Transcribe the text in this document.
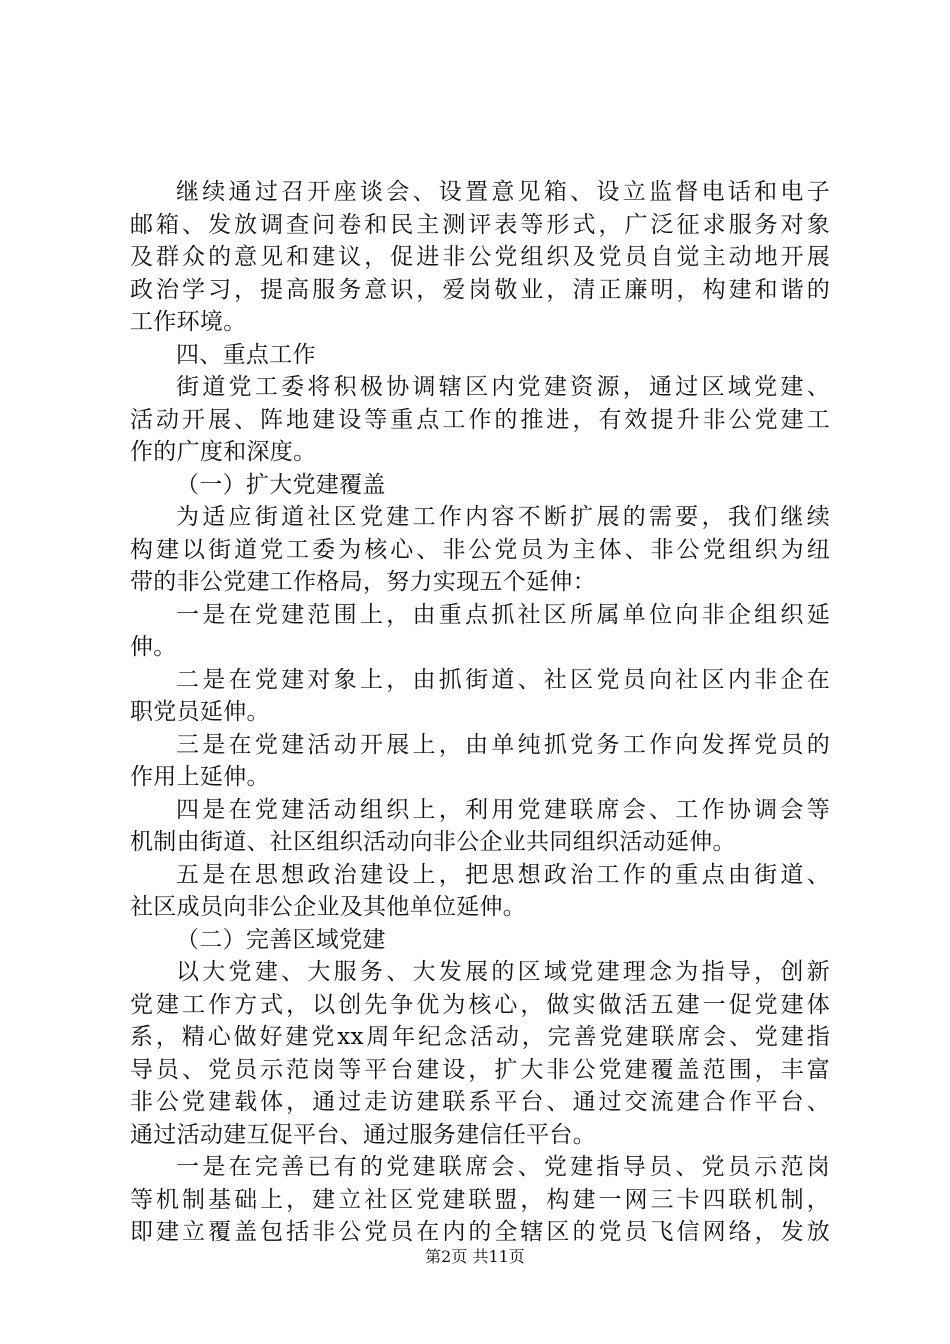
继续通过召开座谈会、设置意见箱、设立监督电话和电子
邮箱、发放调查问卷和民主测评表等形式，广泛征求服务对象
及群众的意见和建议，促进非公党组织及党员自觉主动地开展
政治学习，提高服务意识，爱岗敬业，清正廉明，构建和谐的
工作环境。
四、重点工作
街道党工委将积极协调辖区内党建资源，通过区域党建、
活动开展、阵地建设等重点工作的推进，有效提升非公党建工
作的广度和深度。
（一）扩大党建覆盖
为适应街道社区党建工作内容不断扩展的需要，我们继续
构建以街道党工委为核心、非公党员为主体、非公党组织为纽
带的非公党建工作格局，努力实现五个延伸：
一是在党建范围上，由重点抓社区所属单位向非企组织延
伸。
二是在党建对象上，由抓街道、社区党员向社区内非企在
职党员延伸。
三是在党建活动开展上，由单纯抓党务工作向发挥党员的
作用上延伸。
四是在党建活动组织上，利用党建联席会、工作协调会等
机制由街道、社区组织活动向非公企业共同组织活动延伸。
五是在思想政治建设上，把思想政治工作的重点由街道、
社区成员向非公企业及其他单位延伸。
（二）完善区域党建
以大党建、大服务、大发展的区域党建理念为指导，创新
党建工作方式，以创先争优为核心，做实做活五建一促党建体
系，精心做好建党xx周年纪念活动，完善党建联席会、党建指
导员、党员示范岗等平台建设，扩大非公党建覆盖范围，丰富
非公党建载体，通过走访建联系平台、通过交流建合作平台、
通过活动建互促平台、通过服务建信任平台。
一是在完善已有的党建联席会、党建指导员、党员示范岗
等机制基础上，建立社区党建联盟，构建一网三卡四联机制，
即建立覆盖包括非公党员在内的全辖区的党员飞信网络，发放
第2页 共11页
